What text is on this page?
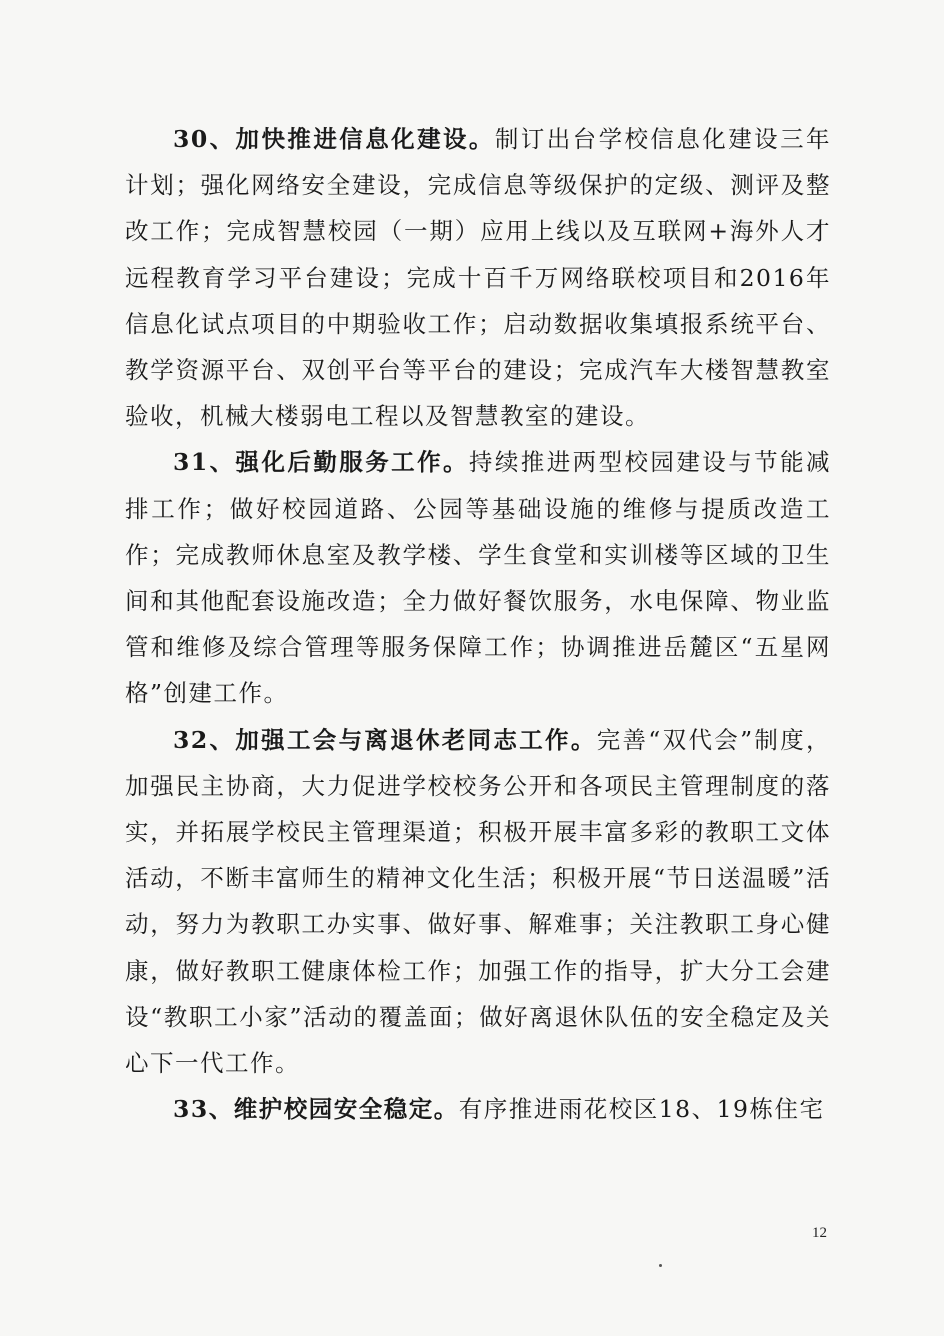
30、加快推进信息化建设。制订出台学校信息化建设三年计划；强化网络安全建设，完成信息等级保护的定级、测评及整改工作；完成智慧校园（一期）应用上线以及互联网+海外人才远程教育学习平台建设；完成十百千万网络联校项目和2016年信息化试点项目的中期验收工作；启动数据收集填报系统平台、教学资源平台、双创平台等平台的建设；完成汽车大楼智慧教室验收，机械大楼弱电工程以及智慧教室的建设。

31、强化后勤服务工作。持续推进两型校园建设与节能减排工作；做好校园道路、公园等基础设施的维修与提质改造工作；完成教师休息室及教学楼、学生食堂和实训楼等区域的卫生间和其他配套设施改造；全力做好餐饮服务，水电保障、物业监管和维修及综合管理等服务保障工作；协调推进岳麓区“五星网格”创建工作。

32、加强工会与离退休老同志工作。完善“双代会”制度，加强民主协商，大力促进学校校务公开和各项民主管理制度的落实，并拓展学校民主管理渠道；积极开展丰富多彩的教职工文体活动，不断丰富师生的精神文化生活；积极开展“节日送温暖”活动，努力为教职工办实事、做好事、解难事；关注教职工身心健康，做好教职工健康体检工作；加强工作的指导，扩大分工会建设“教职工小家”活动的覆盖面；做好离退休队伍的安全稳定及关心下一代工作。

33、维护校园安全稳定。有序推进雨花校区18、19栋住宅

12
